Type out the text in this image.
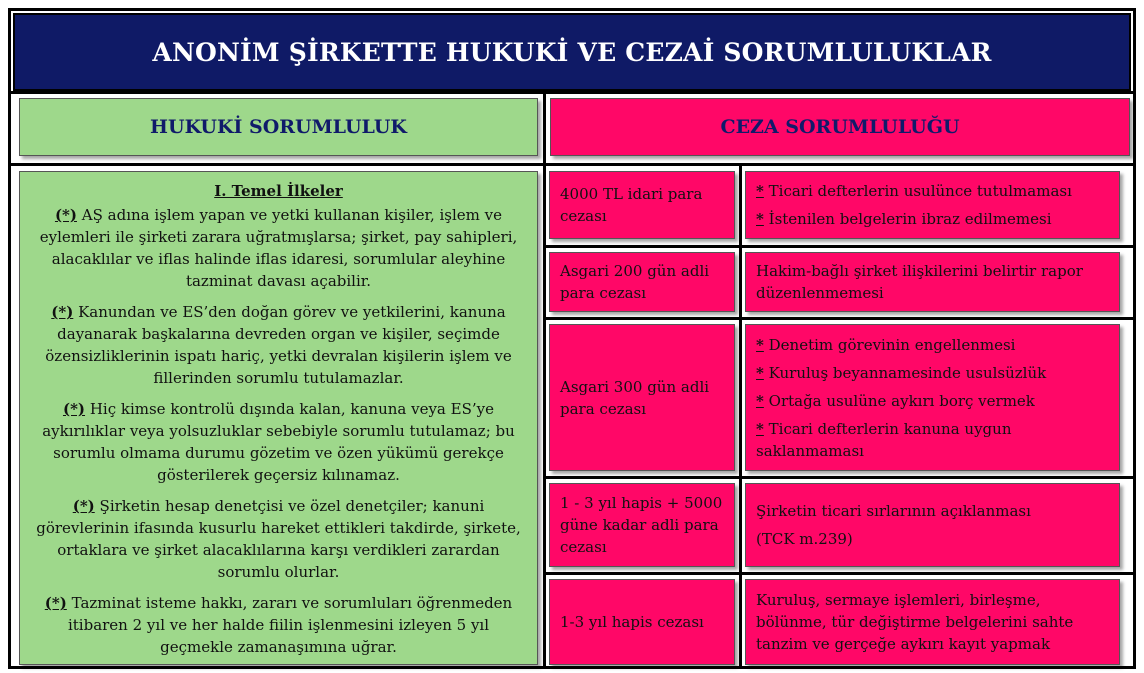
ANONİM ŞİRKETTE HUKUKİ VE CEZAİ SORUMLULUKLAR
HUKUKİ SORUMLULUK	CEZA SORUMLULUĞU
I. Temel İlkeler

(*) AŞ adına işlem yapan ve yetki kullanan kişiler, işlem ve eylemleri ile şirketi zarara uğratmışlarsa; şirket, pay sahipleri, alacaklılar ve iflas halinde iflas idaresi, sorumlular aleyhine tazminat davası açabilir.

(*) Kanundan ve ES’den doğan görev ve yetkilerini, kanuna dayanarak başkalarına devreden organ ve kişiler, seçimde özensizliklerinin ispatı hariç, yetki devralan kişilerin işlem ve fillerinden sorumlu tutulamazlar.

(*) Hiç kimse kontrolü dışında kalan, kanuna veya ES’ye aykırılıklar veya yolsuzluklar sebebiyle sorumlu tutulamaz; bu sorumlu olmama durumu gözetim ve özen yükümü gerekçe gösterilerek geçersiz kılınamaz.

(*) Şirketin hesap denetçisi ve özel denetçiler; kanuni görevlerinin ifasında kusurlu hareket ettikleri takdirde, şirkete, ortaklara ve şirket alacaklılarına karşı verdikleri zarardan sorumlu olurlar.

(*) Tazminat isteme hakkı, zararı ve sorumluları öğrenmeden itibaren 2 yıl ve her halde fiilin işlenmesini izleyen 5 yıl geçmekle zamanaşımına uğrar.

4000 TL idari para cezası
* Ticari defterlerin usulünce tutulmaması
* İstenilen belgelerin ibraz edilmemesi
Asgari 200 gün adli para cezası
Hakim-bağlı şirket ilişkilerini belirtir rapor düzenlenmemesi
Asgari 300 gün adli para cezası
* Denetim görevinin engellenmesi
* Kuruluş beyannamesinde usulsüzlük
* Ortağa usulüne aykırı borç vermek
* Ticari defterlerin kanuna uygun saklanmaması
1 - 3 yıl hapis + 5000 güne kadar adli para cezası
Şirketin ticari sırlarının açıklanması
(TCK m.239)
1-3 yıl hapis cezası
Kuruluş, sermaye işlemleri, birleşme, bölünme, tür değiştirme belgelerini sahte tanzim ve gerçeğe aykırı kayıt yapmak
